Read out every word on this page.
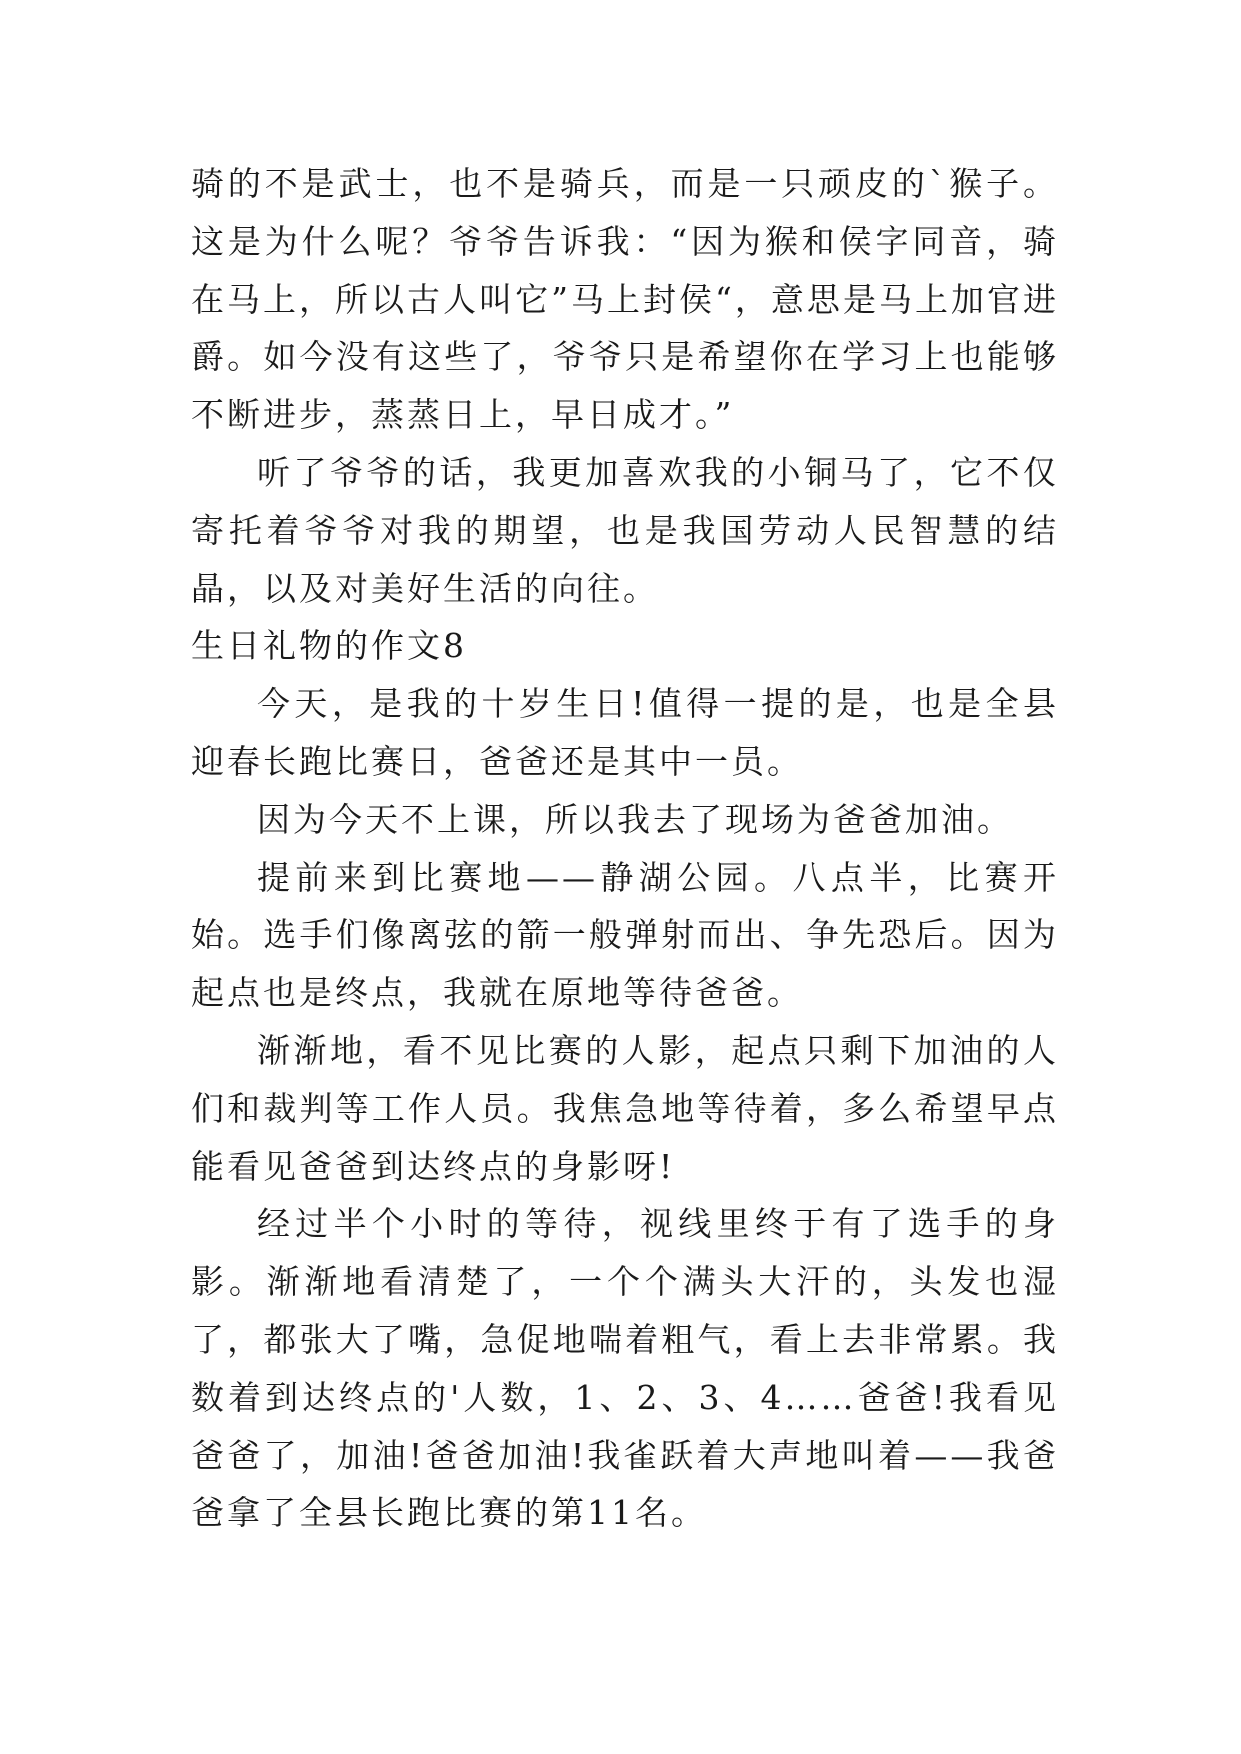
骑的不是武士，也不是骑兵，而是一只顽皮的`猴子。这是为什么呢？爷爷告诉我：“因为猴和侯字同音，骑在马上，所以古人叫它”马上封侯“，意思是马上加官进爵。如今没有这些了，爷爷只是希望你在学习上也能够不断进步，蒸蒸日上，早日成才。”

听了爷爷的话，我更加喜欢我的小铜马了，它不仅寄托着爷爷对我的期望，也是我国劳动人民智慧的结晶，以及对美好生活的向往。

生日礼物的作文8

今天，是我的十岁生日!值得一提的是，也是全县迎春长跑比赛日，爸爸还是其中一员。

因为今天不上课，所以我去了现场为爸爸加油。

提前来到比赛地——静湖公园。八点半，比赛开始。选手们像离弦的箭一般弹射而出、争先恐后。因为起点也是终点，我就在原地等待爸爸。

渐渐地，看不见比赛的人影，起点只剩下加油的人们和裁判等工作人员。我焦急地等待着，多么希望早点能看见爸爸到达终点的身影呀!

经过半个小时的等待，视线里终于有了选手的身影。渐渐地看清楚了，一个个满头大汗的，头发也湿了，都张大了嘴，急促地喘着粗气，看上去非常累。我数着到达终点的'人数，1、2、3、4……爸爸!我看见爸爸了，加油!爸爸加油!我雀跃着大声地叫着——我爸爸拿了全县长跑比赛的第11名。
